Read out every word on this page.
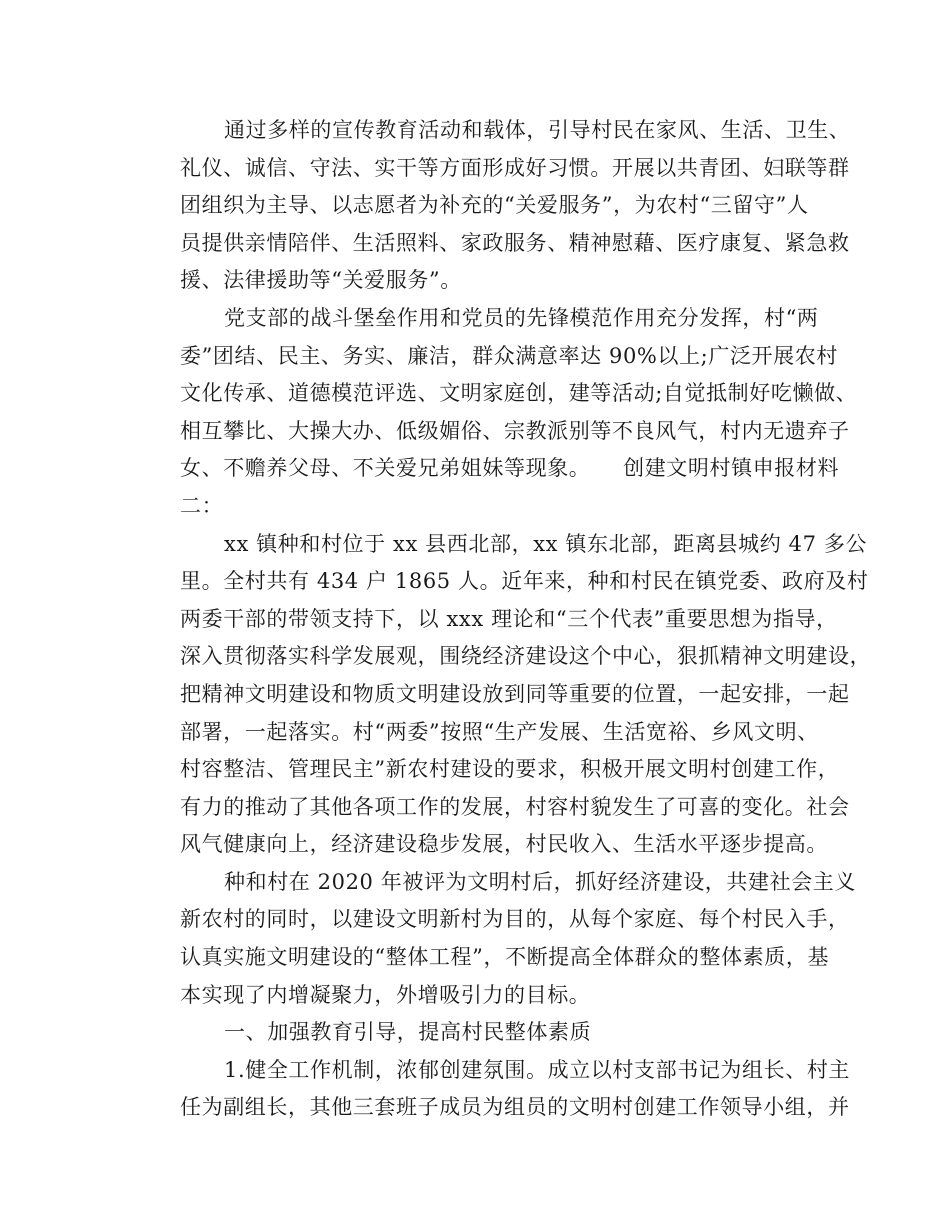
通过多样的宣传教育活动和载体，引导村民在家风、生活、卫生、
礼仪、诚信、守法、实干等方面形成好习惯。开展以共青团、妇联等群
团组织为主导、以志愿者为补充的“关爱服务”，为农村“三留守”人
员提供亲情陪伴、生活照料、家政服务、精神慰藉、医疗康复、紧急救
援、法律援助等“关爱服务”。

党支部的战斗堡垒作用和党员的先锋模范作用充分发挥，村“两
委”团结、民主、务实、廉洁，群众满意率达 90%以上;广泛开展农村
文化传承、道德模范评选、文明家庭创，建等活动;自觉抵制好吃懒做、
相互攀比、大操大办、低级媚俗、宗教派别等不良风气，村内无遗弃子
女、不赡养父母、不关爱兄弟姐妹等现象。　　创建文明村镇申报材料
二：

xx 镇种和村位于 xx 县西北部，xx 镇东北部，距离县城约 47 多公
里。全村共有 434 户 1865 人。近年来，种和村民在镇党委、政府及村
两委干部的带领支持下，以 xxx 理论和“三个代表”重要思想为指导，
深入贯彻落实科学发展观，围绕经济建设这个中心，狠抓精神文明建设，
把精神文明建设和物质文明建设放到同等重要的位置，一起安排，一起
部署，一起落实。村“两委”按照“生产发展、生活宽裕、乡风文明、
村容整洁、管理民主”新农村建设的要求，积极开展文明村创建工作，
有力的推动了其他各项工作的发展，村容村貌发生了可喜的变化。社会
风气健康向上，经济建设稳步发展，村民收入、生活水平逐步提高。

种和村在 2020 年被评为文明村后，抓好经济建设，共建社会主义
新农村的同时，以建设文明新村为目的，从每个家庭、每个村民入手，
认真实施文明建设的“整体工程”，不断提高全体群众的整体素质，基
本实现了内增凝聚力，外增吸引力的目标。

一、加强教育引导，提高村民整体素质

1.健全工作机制，浓郁创建氛围。成立以村支部书记为组长、村主
任为副组长，其他三套班子成员为组员的文明村创建工作领导小组，并
